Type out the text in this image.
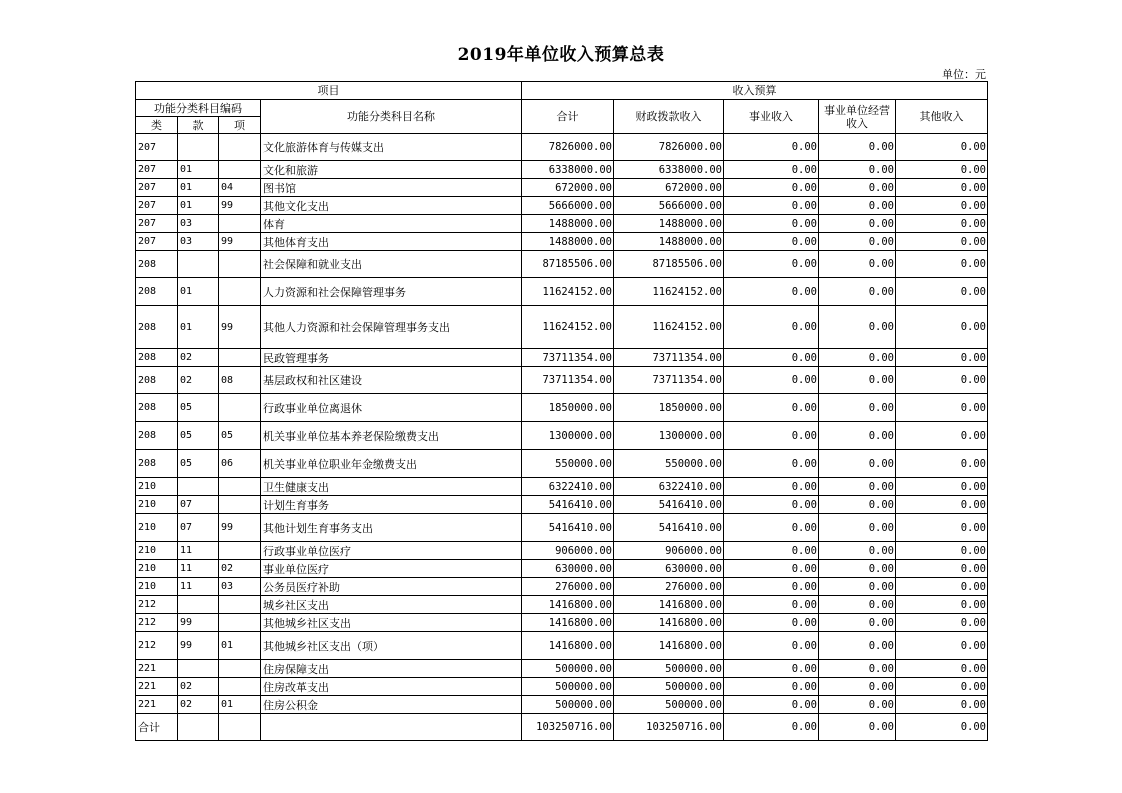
2019年单位收入预算总表
单位：元
项目				收入预算				
功能分类科目编码			功能分类科目名称	合计	财政拨款收入	事业收入	事业单位经营收入	其他收入
类	款	项						
207			文化旅游体育与传媒支出	7826000.00	7826000.00	0.00	0.00	0.00
207	01		文化和旅游	6338000.00	6338000.00	0.00	0.00	0.00
207	01	04	图书馆	672000.00	672000.00	0.00	0.00	0.00
207	01	99	其他文化支出	5666000.00	5666000.00	0.00	0.00	0.00
207	03		体育	1488000.00	1488000.00	0.00	0.00	0.00
207	03	99	其他体育支出	1488000.00	1488000.00	0.00	0.00	0.00
208			社会保障和就业支出	87185506.00	87185506.00	0.00	0.00	0.00
208	01		人力资源和社会保障管理事务	11624152.00	11624152.00	0.00	0.00	0.00
208	01	99	其他人力资源和社会保障管理事务支出	11624152.00	11624152.00	0.00	0.00	0.00
208	02		民政管理事务	73711354.00	73711354.00	0.00	0.00	0.00
208	02	08	基层政权和社区建设	73711354.00	73711354.00	0.00	0.00	0.00
208	05		行政事业单位离退休	1850000.00	1850000.00	0.00	0.00	0.00
208	05	05	机关事业单位基本养老保险缴费支出	1300000.00	1300000.00	0.00	0.00	0.00
208	05	06	机关事业单位职业年金缴费支出	550000.00	550000.00	0.00	0.00	0.00
210			卫生健康支出	6322410.00	6322410.00	0.00	0.00	0.00
210	07		计划生育事务	5416410.00	5416410.00	0.00	0.00	0.00
210	07	99	其他计划生育事务支出	5416410.00	5416410.00	0.00	0.00	0.00
210	11		行政事业单位医疗	906000.00	906000.00	0.00	0.00	0.00
210	11	02	事业单位医疗	630000.00	630000.00	0.00	0.00	0.00
210	11	03	公务员医疗补助	276000.00	276000.00	0.00	0.00	0.00
212			城乡社区支出	1416800.00	1416800.00	0.00	0.00	0.00
212	99		其他城乡社区支出	1416800.00	1416800.00	0.00	0.00	0.00
212	99	01	其他城乡社区支出（项）	1416800.00	1416800.00	0.00	0.00	0.00
221			住房保障支出	500000.00	500000.00	0.00	0.00	0.00
221	02		住房改革支出	500000.00	500000.00	0.00	0.00	0.00
221	02	01	住房公积金	500000.00	500000.00	0.00	0.00	0.00
合计				103250716.00	103250716.00	0.00	0.00	0.00
